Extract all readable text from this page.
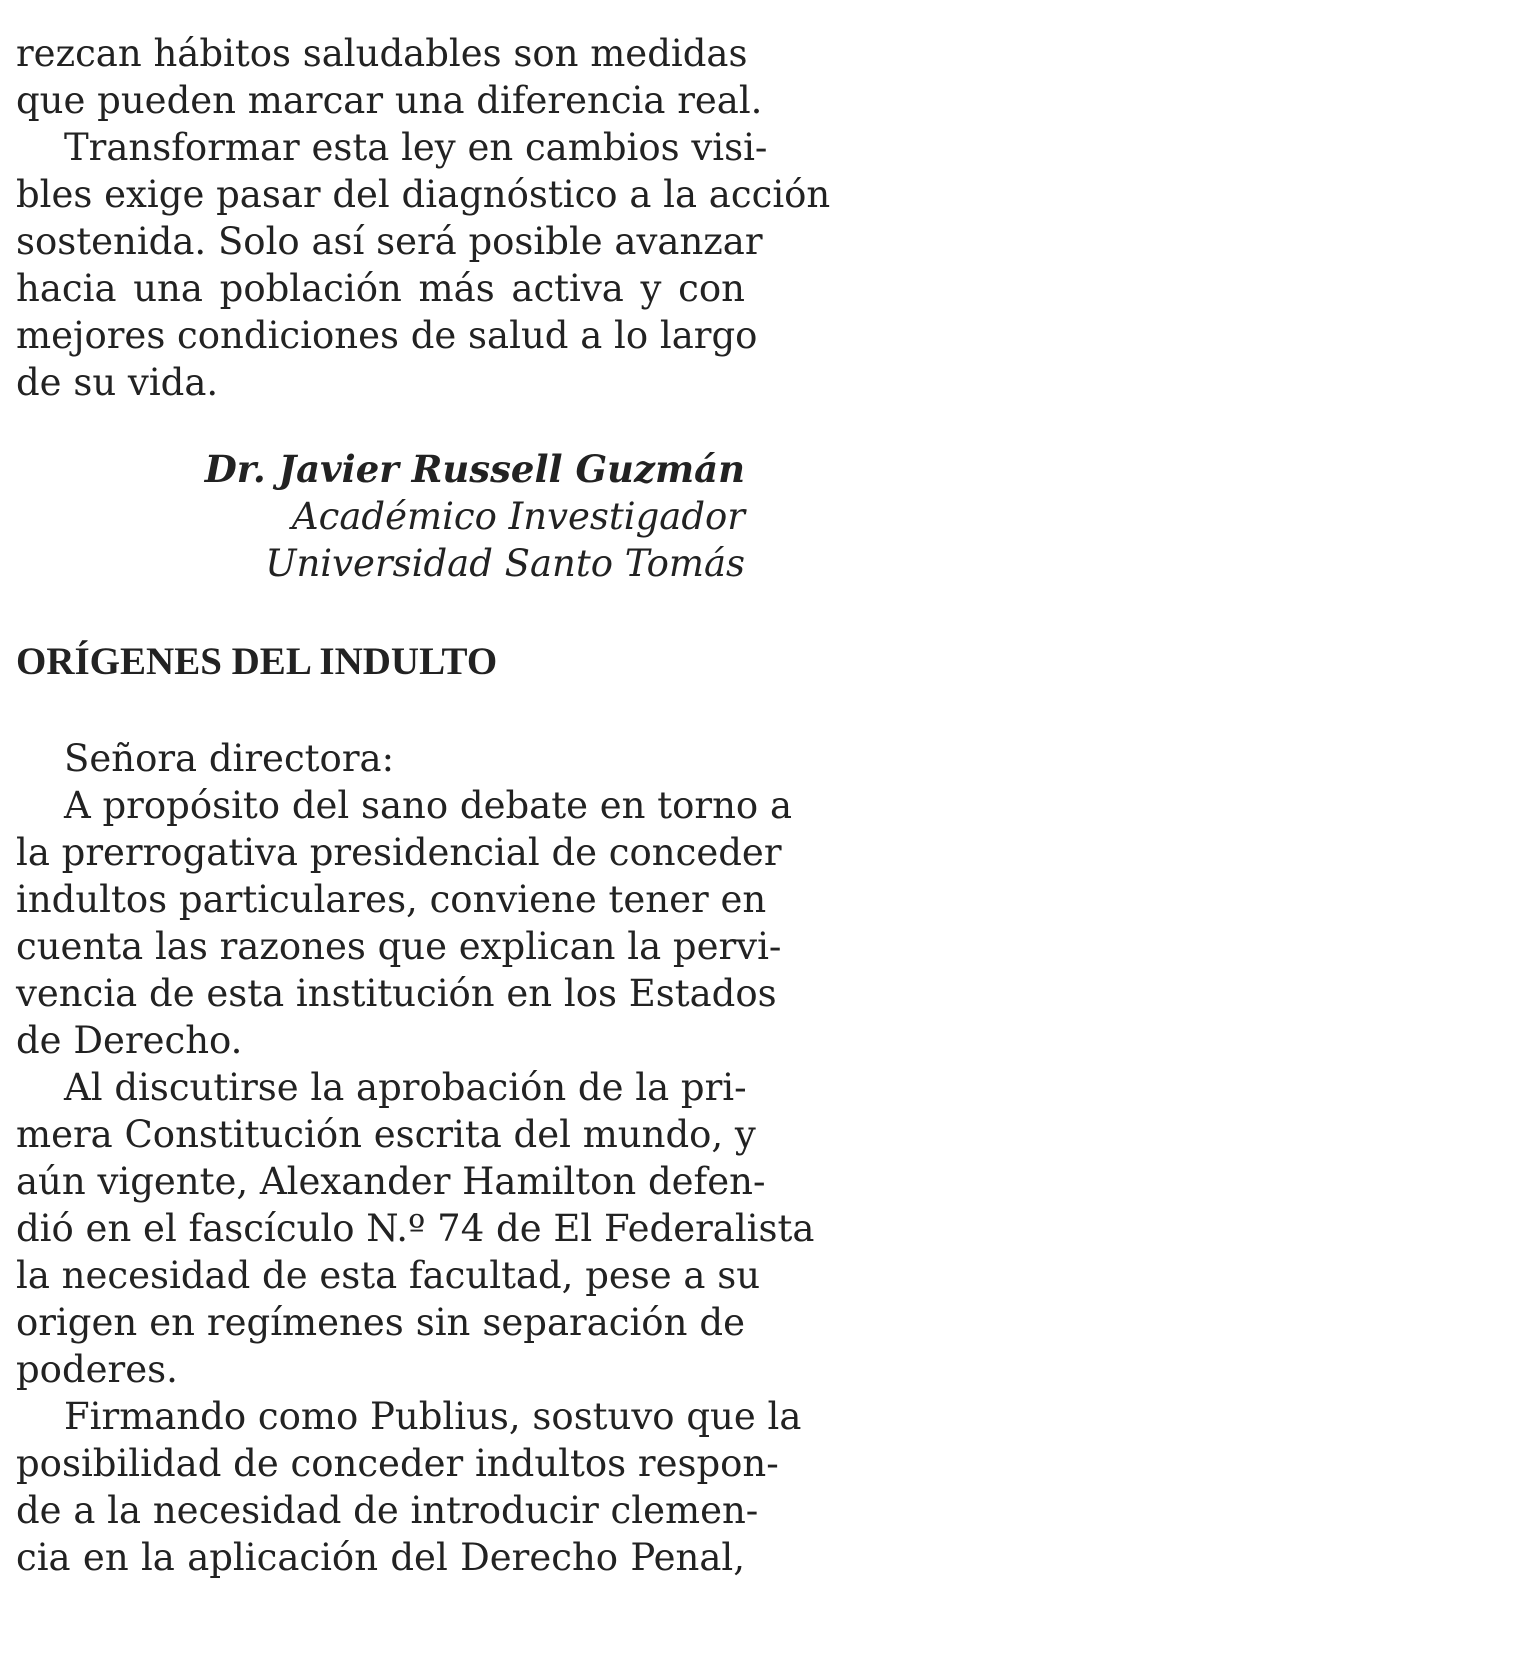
rezcan hábitos saludables son medidas
que pueden marcar una diferencia real.
Transformar esta ley en cambios visi-
bles exige pasar del diagnóstico a la acción
sostenida. Solo así será posible avanzar
hacia una población más activa y con
mejores condiciones de salud a lo largo
de su vida.
Dr. Javier Russell Guzmán
Académico Investigador
Universidad Santo Tomás
ORÍGENES DEL INDULTO
Señora directora:
A propósito del sano debate en torno a
la prerrogativa presidencial de conceder
indultos particulares, conviene tener en
cuenta las razones que explican la pervi-
vencia de esta institución en los Estados
de Derecho.
Al discutirse la aprobación de la pri-
mera Constitución escrita del mundo, y
aún vigente, Alexander Hamilton defen-
dió en el fascículo N.º 74 de El Federalista
la necesidad de esta facultad, pese a su
origen en regímenes sin separación de
poderes.
Firmando como Publius, sostuvo que la
posibilidad de conceder indultos respon-
de a la necesidad de introducir clemen-
cia en la aplicación del Derecho Penal,
